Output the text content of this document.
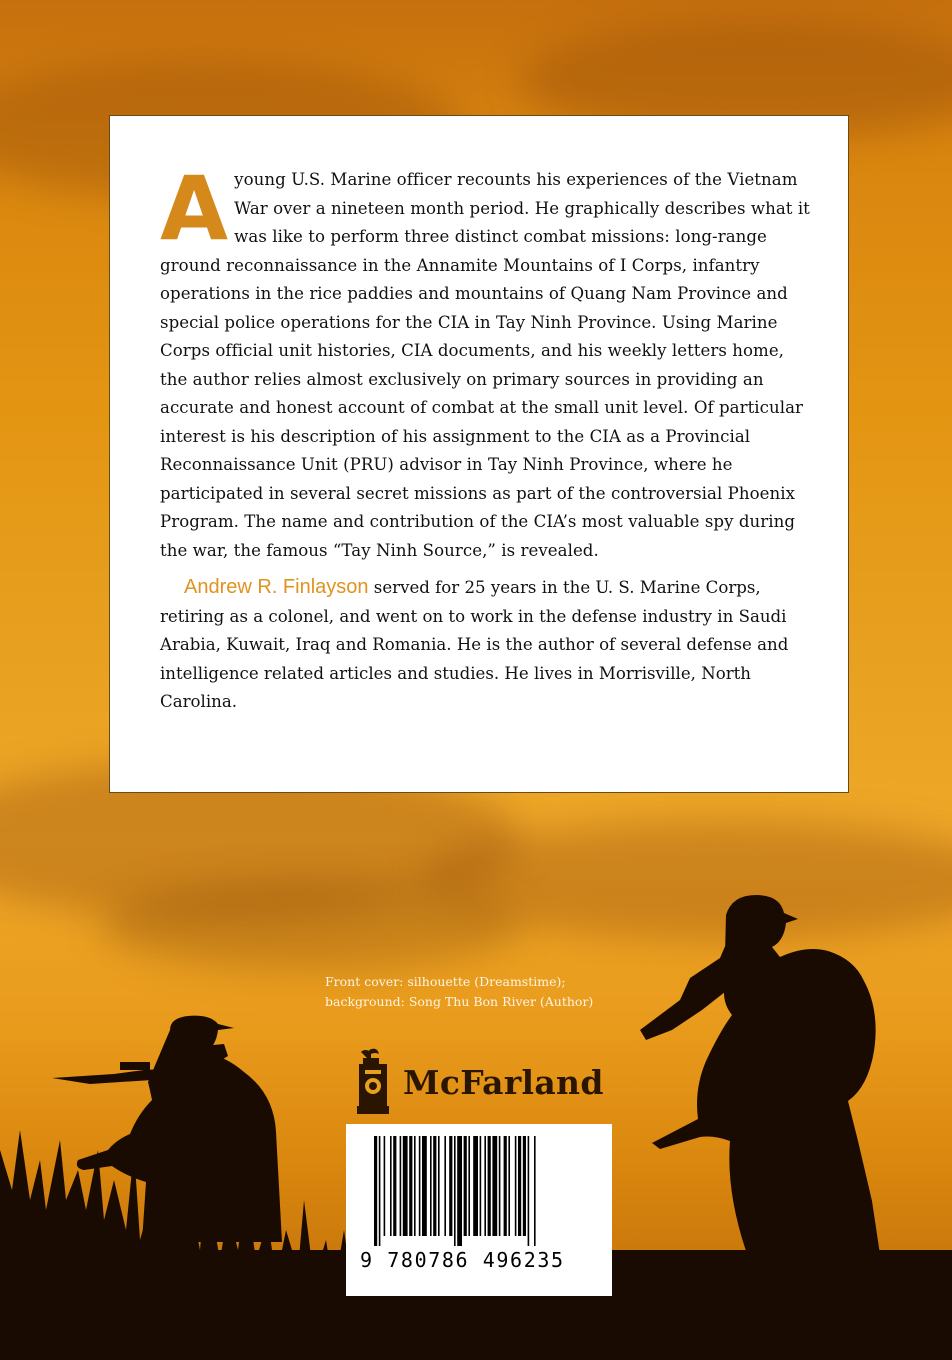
Ayoung U.S. Marine officer recounts his experiences of the Vietnam War over a nineteen month period. He graphically describes what it was like to perform three distinct combat missions: long-range ground reconnaissance in the Annamite Mountains of I Corps, infantry operations in the rice paddies and mountains of Quang Nam Province and special police operations for the CIA in Tay Ninh Province. Using Marine Corps official unit histories, CIA documents, and his weekly letters home, the author relies almost exclusively on primary sources in providing an accurate and honest account of combat at the small unit level. Of particular interest is his description of his assignment to the CIA as a Provincial Reconnaissance Unit (PRU) advisor in Tay Ninh Province, where he participated in several secret missions as part of the controversial Phoenix Program. The name and contribution of the CIA’s most valuable spy during the war, the famous “Tay Ninh Source,” is revealed.

Andrew R. Finlayson served for 25 years in the U. S. Marine Corps, retiring as a colonel, and went on to work in the defense industry in Saudi Arabia, Kuwait, Iraq and Romania. He is the author of several defense and intelligence related articles and studies. He lives in Morrisville, North Carolina.

Front cover: silhouette (Dreamstime);
background: Song Thu Bon River (Author)
McFarland
9 780786 496235
